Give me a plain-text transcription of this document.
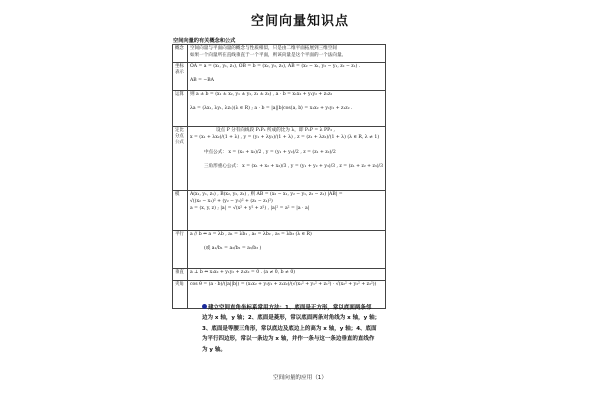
空间向量知识点
空间向量的有关概念和公式
概念	空间向量与平面向量的概念与性质相似，只是由二维平面拓展到三维空间
如果一个向量所在直线垂直于一个平面，则该向量是这个平面的一个法向量。

坐标表示	OA = a = (x₁, y₁, z₁), OB = b = (x₂, y₂, z₂), AB = (x₂ − x₁, y₂ − y₁, z₂ − z₁) .

AB = −BA

运算	则 a ± b = (x₁ ± x₂, y₁ ± y₂, z₁ ± z₂) , a · b = x₁x₂ + y₁y₂ + z₁z₂

λa = (λx₁, λy₁, λz₁)(λ ∈ R) ; a · b = |a||b|cos⟨a, b⟩ = x₁x₂ + y₁y₂ + z₁z₂ .

定比分点公式	设点 P 分有向线段 P₁P₂ 所成的比为 λ，即 P₁P = λ PP₂ ,
x = (x₁ + λx₂)/(1 + λ) , y = (y₁ + λy₂)/(1 + λ) , z = (z₁ + λz₂)/(1 + λ) (λ ∈ R, λ ≠ 1)

中点公式： x = (x₁ + x₂)/2 , y = (y₁ + y₂)/2 , z = (z₁ + z₂)/2

三角形重心公式： x = (x₁ + x₂ + x₃)/3 , y = (y₁ + y₂ + y₃)/3 , z = (z₁ + z₂ + z₃)/3

模	A(x₁, y₁, z₁) , B(x₂, y₂, z₂) , 则 AB = (x₂ − x₁, y₂ − y₁, z₂ − z₁) |AB| =
√((x₂ − x₁)² + (y₂ − y₁)² + (z₂ − z₁)²)
a = (x, y, z) ; |a| = √(x² + y² + z²) , |a|² = a² = |a · a|

平行	a // b ⇔ a = λb , a₁ = λb₁ , a₂ = λb₂ , a₃ = λb₃ (λ ∈ R)

(或 a₁/b₁ = a₂/b₂ = a₃/b₃ )

垂直	a ⊥ b ⇔ x₁x₂ + y₁y₂ + z₁z₂ = 0 . (a ≠ 0, b ≠ 0)

夹角	cos θ = (a · b)/(|a||b|) = (x₁x₂ + y₁y₂ + z₁z₂)/(√(x₁² + y₁² + z₁²) · √(x₂² + y₂² + z₂²))
建立空间直角坐标系常用方法：1、底面是正方形，常以底面两条邻
边为 x 轴，y 轴；2、底面是菱形，常以底面两条对角线为 x 轴，y 轴；
3、底面是等腰三角形，常以底边及底边上的高为 x 轴，y 轴；4、底面
为平行四边形，常以一条边为 x 轴，并作一条与这一条边垂直的直线作
为 y 轴。
空间向量的应用（1）
